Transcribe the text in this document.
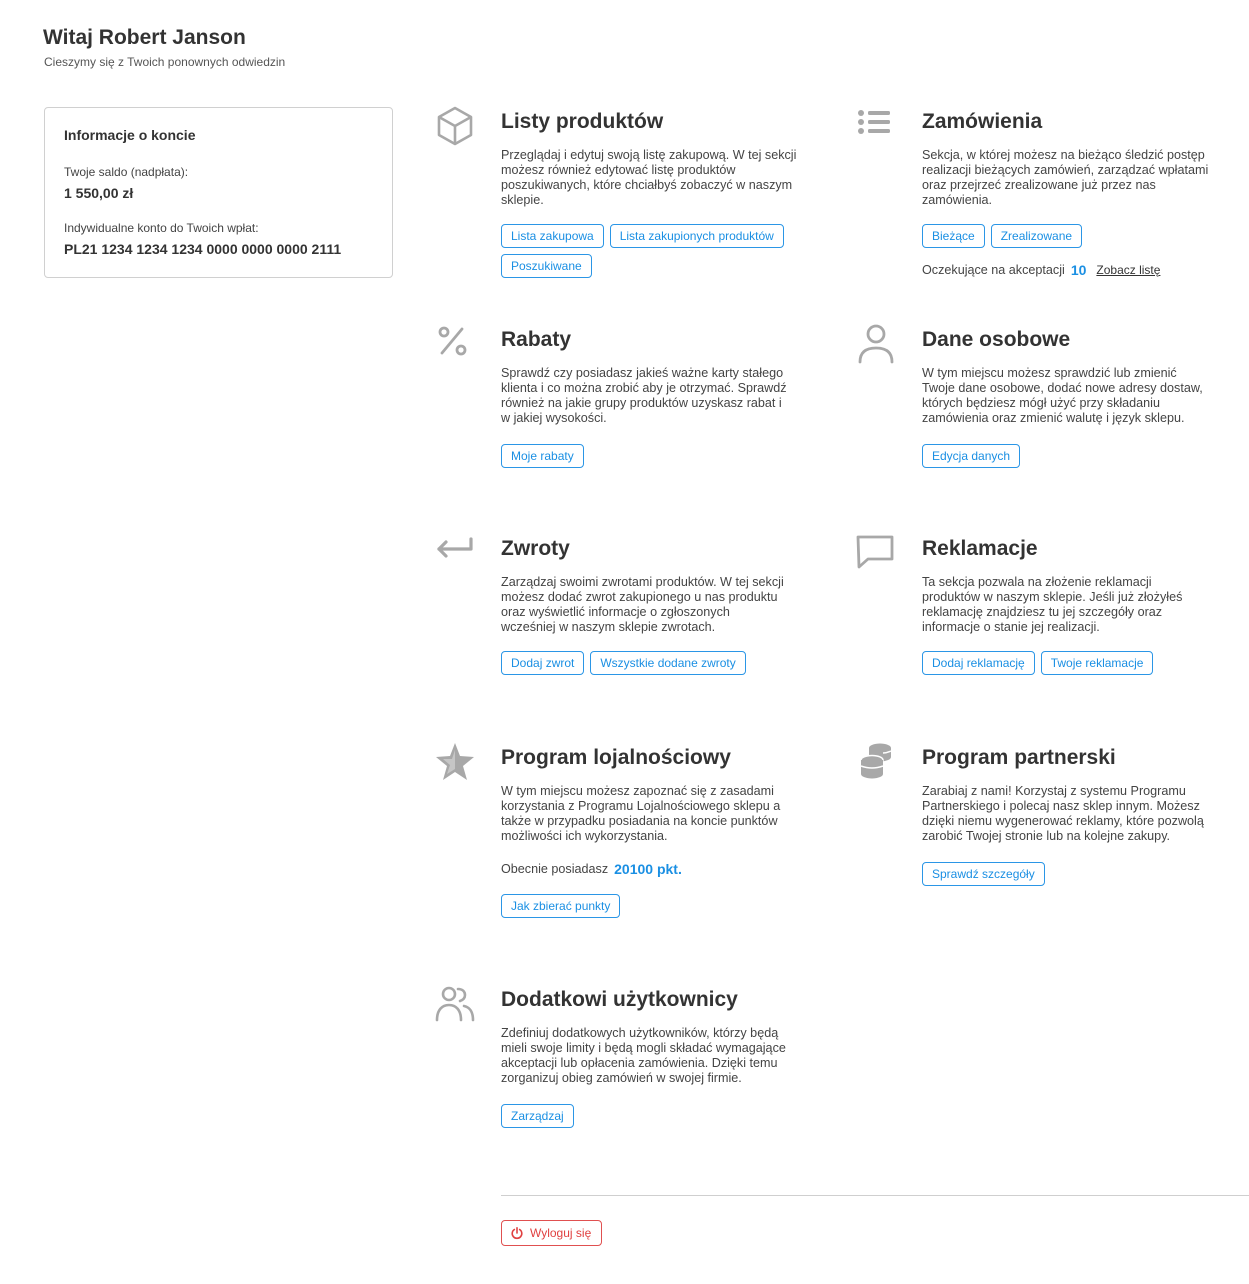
Witaj Robert Janson

Cieszymy się z Twoich ponownych odwiedzin

Informacje o koncie
Twoje saldo (nadpłata):
1 550,00 zł
Indywidualne konto do Twoich wpłat:
PL21 1234 1234 1234 0000 0000 0000 2111
Listy produktów
Przeglądaj i edytuj swoją listę zakupową. W tej sekcji możesz również edytować listę produktów poszukiwanych, które chciałbyś zobaczyć w naszym sklepie.
Lista zakupowa	Lista zakupionych produktów
Poszukiwane
Zamówienia
Sekcja, w której możesz na bieżąco śledzić postęp realizacji bieżących zamówień, zarządzać wpłatami oraz przejrzeć zrealizowane już przez nas zamówienia.
Bieżące	Zrealizowane
Oczekujące na akceptacji 10 Zobacz listę
Rabaty
Sprawdź czy posiadasz jakieś ważne karty stałego klienta i co można zrobić aby je otrzymać. Sprawdź również na jakie grupy produktów uzyskasz rabat i w jakiej wysokości.
Moje rabaty
Dane osobowe
W tym miejscu możesz sprawdzić lub zmienić Twoje dane osobowe, dodać nowe adresy dostaw, których będziesz mógł użyć przy składaniu zamówienia oraz zmienić walutę i język sklepu.
Edycja danych
Zwroty
Zarządzaj swoimi zwrotami produktów. W tej sekcji możesz dodać zwrot zakupionego u nas produktu oraz wyświetlić informacje o zgłoszonych wcześniej w naszym sklepie zwrotach.
Dodaj zwrot	Wszystkie dodane zwroty
Reklamacje
Ta sekcja pozwala na złożenie reklamacji produktów w naszym sklepie. Jeśli już złożyłeś reklamację znajdziesz tu jej szczegóły oraz informacje o stanie jej realizacji.
Dodaj reklamację	Twoje reklamacje
Program lojalnościowy
W tym miejscu możesz zapoznać się z zasadami korzystania z Programu Lojalnościowego sklepu a także w przypadku posiadania na koncie punktów możliwości ich wykorzystania.
Obecnie posiadasz 20100 pkt.
Jak zbierać punkty
Program partnerski
Zarabiaj z nami! Korzystaj z systemu Programu Partnerskiego i polecaj nasz sklep innym. Możesz dzięki niemu wygenerować reklamy, które pozwolą zarobić Twojej stronie lub na kolejne zakupy.
Sprawdź szczegóły
Dodatkowi użytkownicy
Zdefiniuj dodatkowych użytkowników, którzy będą mieli swoje limity i będą mogli składać wymagające akceptacji lub opłacenia zamówienia. Dzięki temu zorganizuj obieg zamówień w swojej firmie.
Zarządzaj
Wyloguj się
